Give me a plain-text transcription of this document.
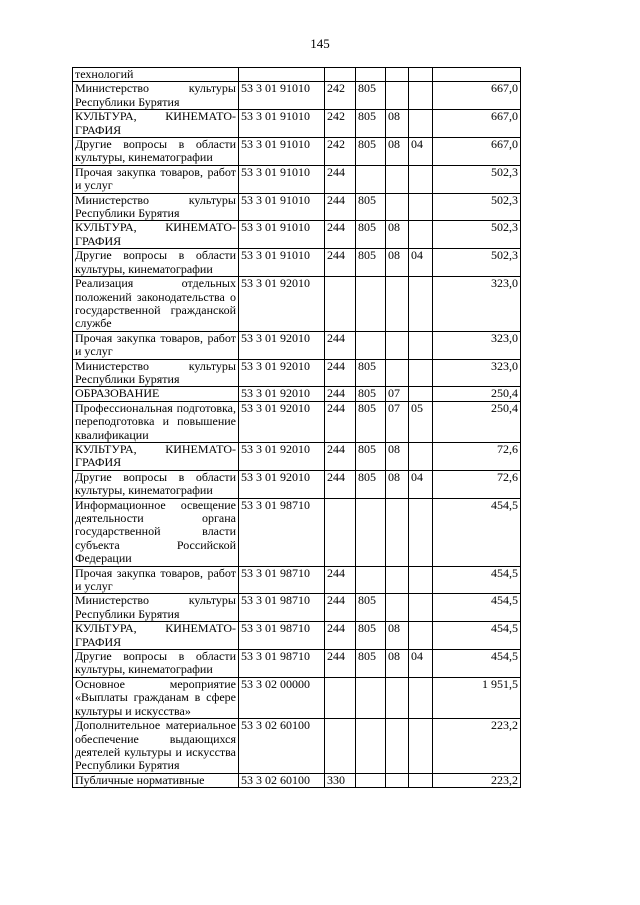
145
технологий						
Министерство культуры Республики Бурятия	53 3 01 91010	242	805			667,0
КУЛЬТУРА, КИНЕМАТО-ГРАФИЯ	53 3 01 91010	242	805	08		667,0
Другие вопросы в области культуры, кинематографии	53 3 01 91010	242	805	08	04	667,0
Прочая закупка товаров, работ и услуг	53 3 01 91010	244				502,3
Министерство культуры Республики Бурятия	53 3 01 91010	244	805			502,3
КУЛЬТУРА, КИНЕМАТО-ГРАФИЯ	53 3 01 91010	244	805	08		502,3
Другие вопросы в области культуры, кинематографии	53 3 01 91010	244	805	08	04	502,3
Реализация отдельных положений законодательства о государственной гражданской службе	53 3 01 92010					323,0
Прочая закупка товаров, работ и услуг	53 3 01 92010	244				323,0
Министерство культуры Республики Бурятия	53 3 01 92010	244	805			323,0
ОБРАЗОВАНИЕ	53 3 01 92010	244	805	07		250,4
Профессиональная подготовка, переподготовка и повышение квалификации	53 3 01 92010	244	805	07	05	250,4
КУЛЬТУРА, КИНЕМАТО-ГРАФИЯ	53 3 01 92010	244	805	08		72,6
Другие вопросы в области культуры, кинематографии	53 3 01 92010	244	805	08	04	72,6
Информационное освещение деятельности органа государственной власти субъекта Российской Федерации	53 3 01 98710					454,5
Прочая закупка товаров, работ и услуг	53 3 01 98710	244				454,5
Министерство культуры Республики Бурятия	53 3 01 98710	244	805			454,5
КУЛЬТУРА, КИНЕМАТО-ГРАФИЯ	53 3 01 98710	244	805	08		454,5
Другие вопросы в области культуры, кинематографии	53 3 01 98710	244	805	08	04	454,5
Основное мероприятие «Выплаты гражданам в сфере культуры и искусства»	53 3 02 00000					1 951,5
Дополнительное материальное обеспечение выдающихся деятелей культуры и искусства Республики Бурятия	53 3 02 60100					223,2
Публичные нормативные	53 3 02 60100	330				223,2
